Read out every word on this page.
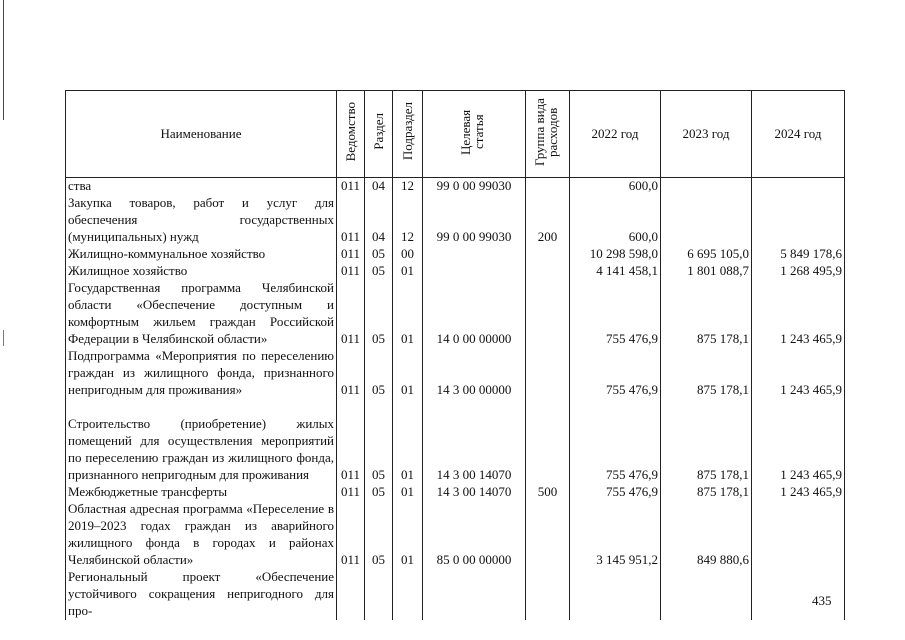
Наименование	Ведомство	Раздел	Подраздел	Целевая статья	Группа вида расходов	2022 год	2023 год	2024 год
ства	011	04	12	99 0 00 99030		600,0		
Закупка товаров, работ и услуг для обеспечения государственных (муниципальных) нужд	011	04	12	99 0 00 99030	200	600,0		
Жилищно-коммунальное хозяйство	011	05	00			10 298 598,0	6 695 105,0	5 849 178,6
Жилищное хозяйство	011	05	01			4 141 458,1	1 801 088,7	1 268 495,9
Государственная программа Челябинской области «Обеспечение доступным и комфортным жильем граждан Российской Федерации в Челябинской области»	011	05	01	14 0 00 00000		755 476,9	875 178,1	1 243 465,9
Подпрограмма «Мероприятия по переселению граждан из жилищного фонда, признанного непригодным для проживания»	011	05	01	14 3 00 00000		755 476,9	875 178,1	1 243 465,9
Строительство (приобретение) жилых помещений для осуществления мероприятий по переселению граждан из жилищного фонда, признанного непригодным для проживания	011	05	01	14 3 00 14070		755 476,9	875 178,1	1 243 465,9
Межбюджетные трансферты	011	05	01	14 3 00 14070	500	755 476,9	875 178,1	1 243 465,9
Областная адресная программа «Переселение в 2019–2023 годах граждан из аварийного жилищного фонда в городах и районах Челябинской области»	011	05	01	85 0 00 00000		3 145 951,2	849 880,6	
Региональный проект «Обеспечение устойчивого сокращения непригодного для про-								
435
